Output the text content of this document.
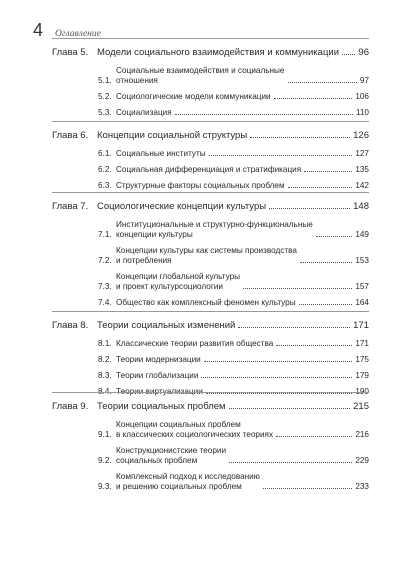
4	Оглавление
Глава 5. Модели социального взаимодействия и коммуникации 96
5.1.
Социальные взаимодействия и социальные
отношения	97
5.2. Социологические модели коммуникации	106
5.3. Социализация	110
Глава 6. Концепции социальной структуры	126
6.1. Социальные институты	127
6.2. Социальная дифференциация и стратификация	135
6.3. Структурные факторы социальных проблем	142
Глава 7. Социологические концепции культуры	148
7.1.
Институциональные и структурно-функциональные
концепции культуры	149
7.2.
Концепции культуры как системы производства
и потребления	153
7.3.
Концепции глобальной культуры
и проект культурсоциологии	157
7.4. Общество как комплексный феномен культуры	164
Глава 8. Теории социальных изменений	171
8.1. Классические теории развития общества	171
8.2. Теории модернизации	175
8.3. Теории глобализации	179
8.4. Теории виртуализации	190
Глава 9. Теории социальных проблем	215
9.1.
Концепции социальных проблем
в классических социологических теориях	216
9.2.
Конструкционистские теории
социальных проблем	229
9.3.
Комплексный подход к исследованию
и решению социальных проблем	233
